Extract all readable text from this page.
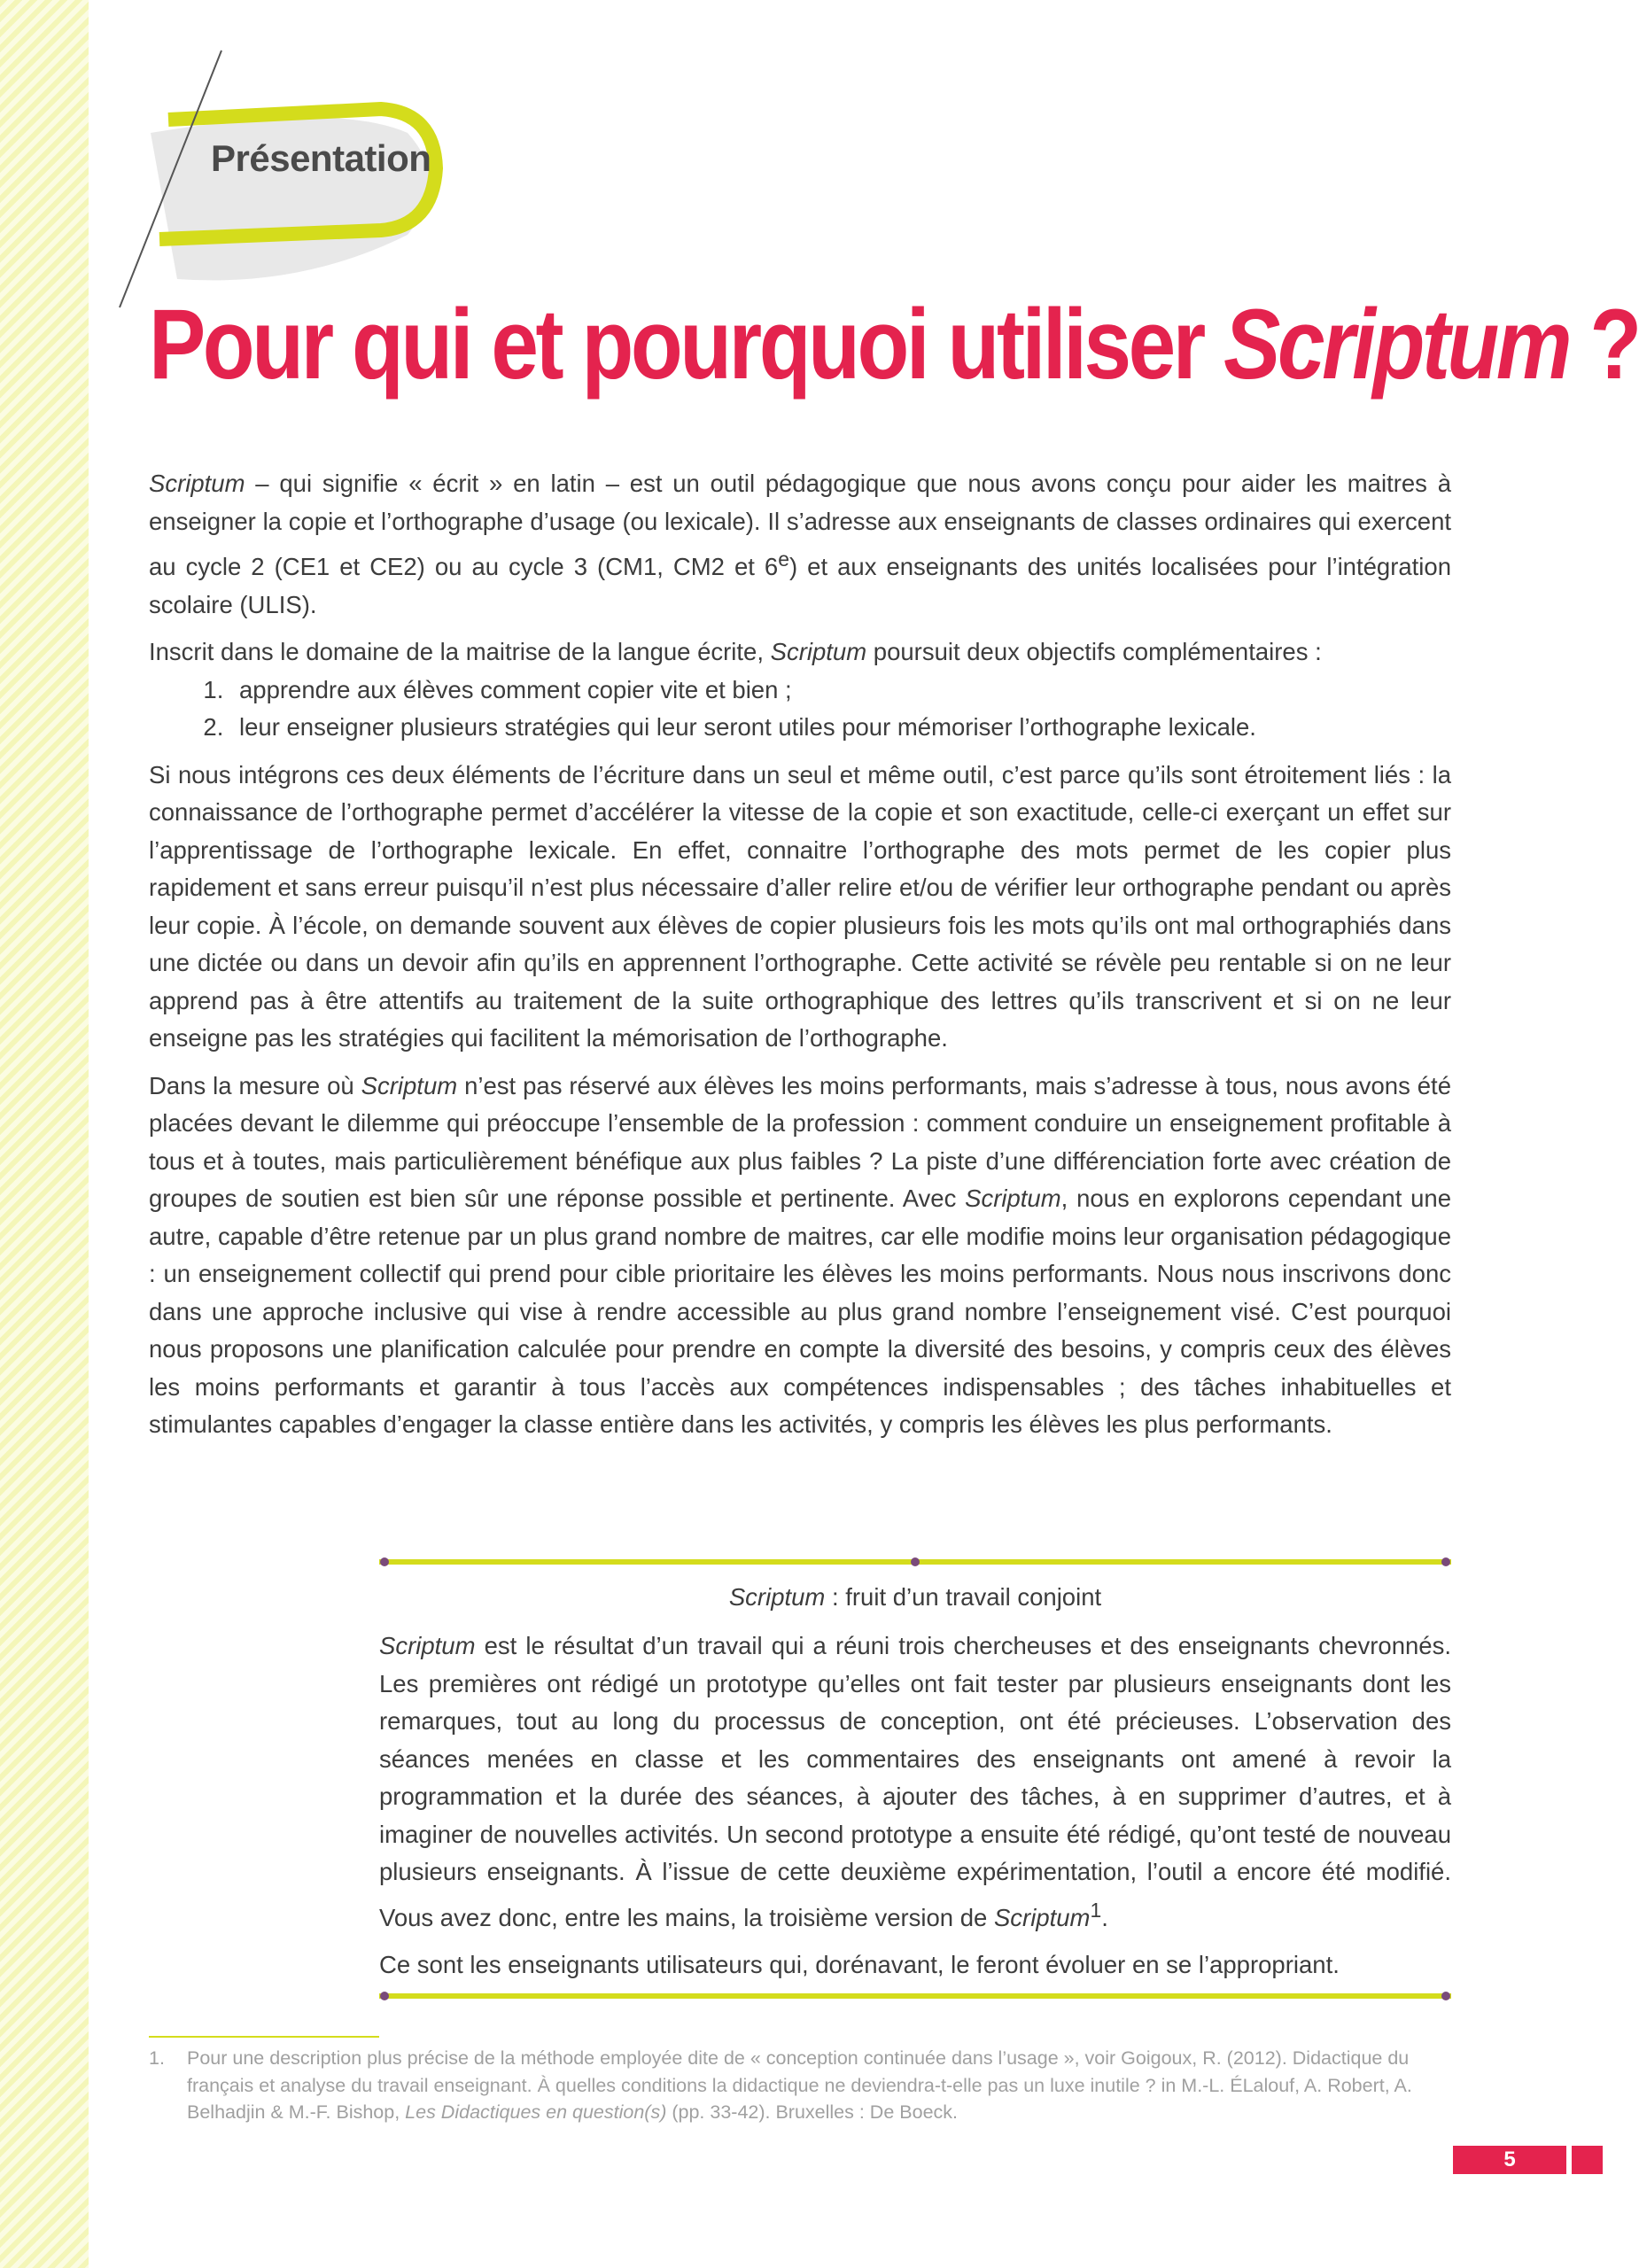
Présentation
Pour qui et pourquoi utiliser Scriptum ?

Scriptum – qui signifie « écrit » en latin – est un outil pédagogique que nous avons conçu pour aider les maitres à enseigner la copie et l’orthographe d’usage (ou lexicale). Il s’adresse aux enseignants de classes ordinaires qui exercent au cycle 2 (CE1 et CE2) ou au cycle 3 (CM1, CM2 et 6e) et aux enseignants des unités localisées pour l’intégration scolaire (ULIS).

Inscrit dans le domaine de la maitrise de la langue écrite, Scriptum poursuit deux objectifs complémentaires :

1. apprendre aux élèves comment copier vite et bien ;
2. leur enseigner plusieurs stratégies qui leur seront utiles pour mémoriser l’orthographe lexicale.

Si nous intégrons ces deux éléments de l’écriture dans un seul et même outil, c’est parce qu’ils sont étroitement liés : la connaissance de l’orthographe permet d’accélérer la vitesse de la copie et son exactitude, celle-ci exerçant un effet sur l’apprentissage de l’orthographe lexicale. En effet, connaitre l’orthographe des mots permet de les copier plus rapidement et sans erreur puisqu’il n’est plus nécessaire d’aller relire et/ou de vérifier leur orthographe pendant ou après leur copie. À l’école, on demande souvent aux élèves de copier plusieurs fois les mots qu’ils ont mal orthographiés dans une dictée ou dans un devoir afin qu’ils en apprennent l’orthographe. Cette activité se révèle peu rentable si on ne leur apprend pas à être attentifs au traitement de la suite orthographique des lettres qu’ils transcrivent et si on ne leur enseigne pas les stratégies qui facilitent la mémorisation de l’orthographe.

Dans la mesure où Scriptum n’est pas réservé aux élèves les moins performants, mais s’adresse à tous, nous avons été placées devant le dilemme qui préoccupe l’ensemble de la profession : comment conduire un enseignement profitable à tous et à toutes, mais particulièrement bénéfique aux plus faibles ? La piste d’une différenciation forte avec création de groupes de soutien est bien sûr une réponse possible et pertinente. Avec Scriptum, nous en explorons cependant une autre, capable d’être retenue par un plus grand nombre de maitres, car elle modifie moins leur organisation pédagogique : un enseignement collectif qui prend pour cible prioritaire les élèves les moins performants. Nous nous inscrivons donc dans une approche inclusive qui vise à rendre accessible au plus grand nombre l’enseignement visé. C’est pourquoi nous proposons une planification calculée pour prendre en compte la diversité des besoins, y compris ceux des élèves les moins performants et garantir à tous l’accès aux compétences indispensables ; des tâches inhabituelles et stimulantes capables d’engager la classe entière dans les activités, y compris les élèves les plus performants.

Scriptum : fruit d’un travail conjoint

Scriptum est le résultat d’un travail qui a réuni trois chercheuses et des enseignants chevronnés. Les premières ont rédigé un prototype qu’elles ont fait tester par plusieurs enseignants dont les remarques, tout au long du processus de conception, ont été précieuses. L’observation des séances menées en classe et les commentaires des enseignants ont amené à revoir la programmation et la durée des séances, à ajouter des tâches, à en supprimer d’autres, et à imaginer de nouvelles activités. Un second prototype a ensuite été rédigé, qu’ont testé de nouveau plusieurs enseignants. À l’issue de cette deuxième expérimentation, l’outil a encore été modifié. Vous avez donc, entre les mains, la troisième version de Scriptum$^1$.

Ce sont les enseignants utilisateurs qui, dorénavant, le feront évoluer en se l’appropriant.

1. Pour une description plus précise de la méthode employée dite de « conception continuée dans l’usage », voir Goigoux, R. (2012). Didactique du français et analyse du travail enseignant. À quelles conditions la didactique ne deviendra-t-elle pas un luxe inutile ? in M.-L. ÉLalouf, A. Robert, A. Belhadjin & M.-F. Bishop, Les Didactiques en question(s) (pp. 33-42). Bruxelles : De Boeck.
5
